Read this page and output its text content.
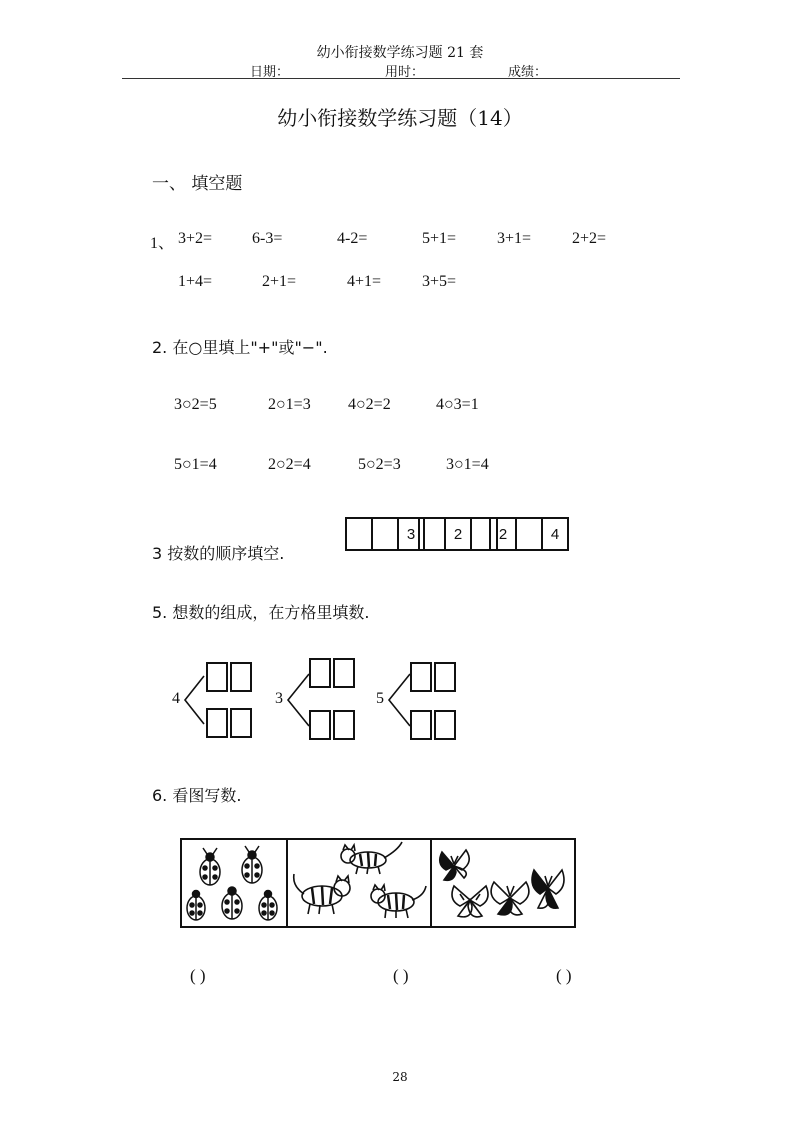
幼小衔接数学练习题 21 套
日期：	用时：	成绩：
幼小衔接数学练习题（14）
一、 填空题
1、 3+2= 6-3=	4-2=	5+1=	3+1=	2+2=
1+4=	2+1=	4+1=	3+5=
2. 在○里填上"+"或"−".
3○2=5	2○1=3 4○2=2	4○3=1
5○1=4	2○2=4	5○2=3	3○1=4
3 按数的顺序填空.
3	2	2	4
5. 想数的组成，在方格里填数.
4	3	5
6. 看图写数.
( )	( )	( )
28
